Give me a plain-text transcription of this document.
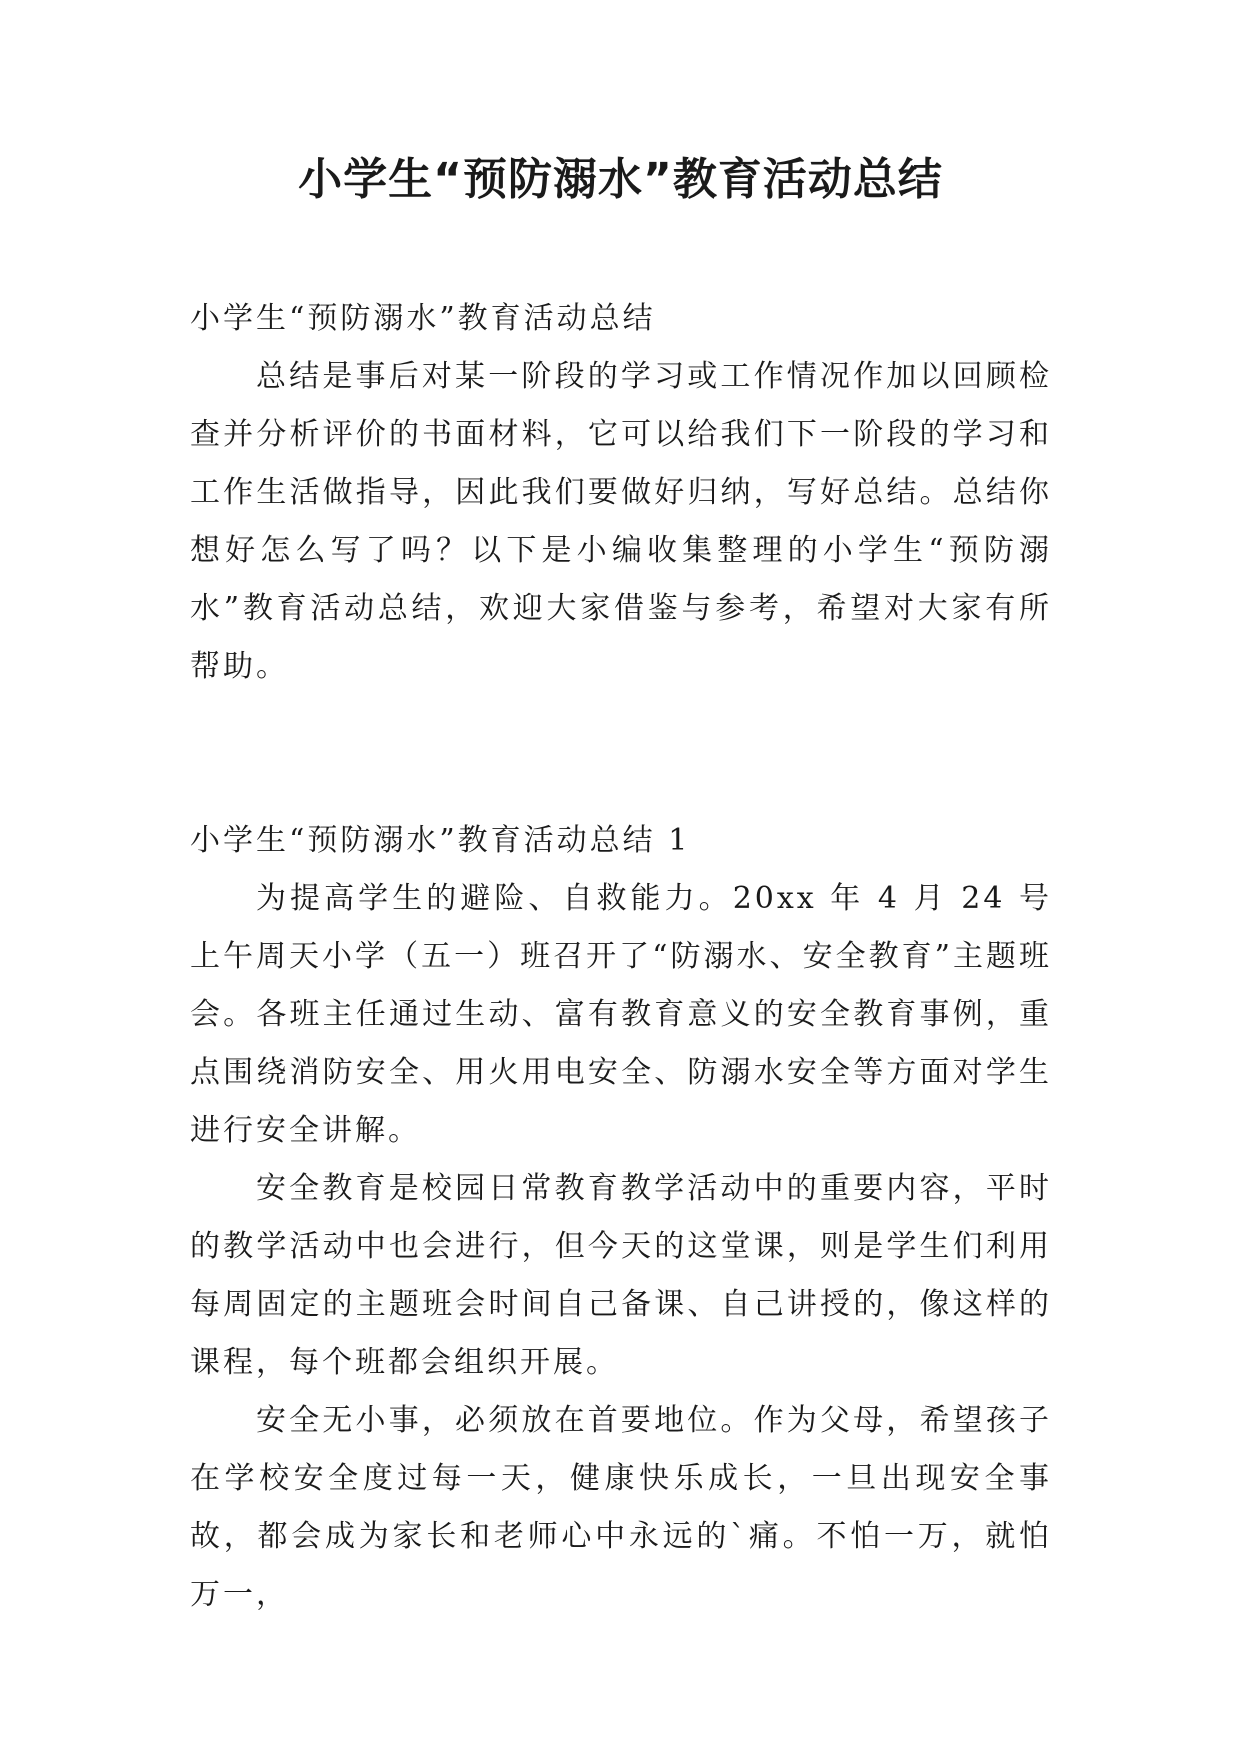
小学生“预防溺水”教育活动总结

小学生“预防溺水”教育活动总结

总结是事后对某一阶段的学习或工作情况作加以回顾检查并分析评价的书面材料，它可以给我们下一阶段的学习和工作生活做指导，因此我们要做好归纳，写好总结。总结你想好怎么写了吗？以下是小编收集整理的小学生“预防溺水”教育活动总结，欢迎大家借鉴与参考，希望对大家有所帮助。

小学生“预防溺水”教育活动总结 1

为提高学生的避险、自救能力。20xx 年 4 月 24 号上午周天小学（五一）班召开了“防溺水、安全教育”主题班会。各班主任通过生动、富有教育意义的安全教育事例，重点围绕消防安全、用火用电安全、防溺水安全等方面对学生进行安全讲解。

安全教育是校园日常教育教学活动中的重要内容，平时的教学活动中也会进行，但今天的这堂课，则是学生们利用每周固定的主题班会时间自己备课、自己讲授的，像这样的课程，每个班都会组织开展。

安全无小事，必须放在首要地位。作为父母，希望孩子在学校安全度过每一天，健康快乐成长，一旦出现安全事故，都会成为家长和老师心中永远的`痛。不怕一万，就怕万一，
